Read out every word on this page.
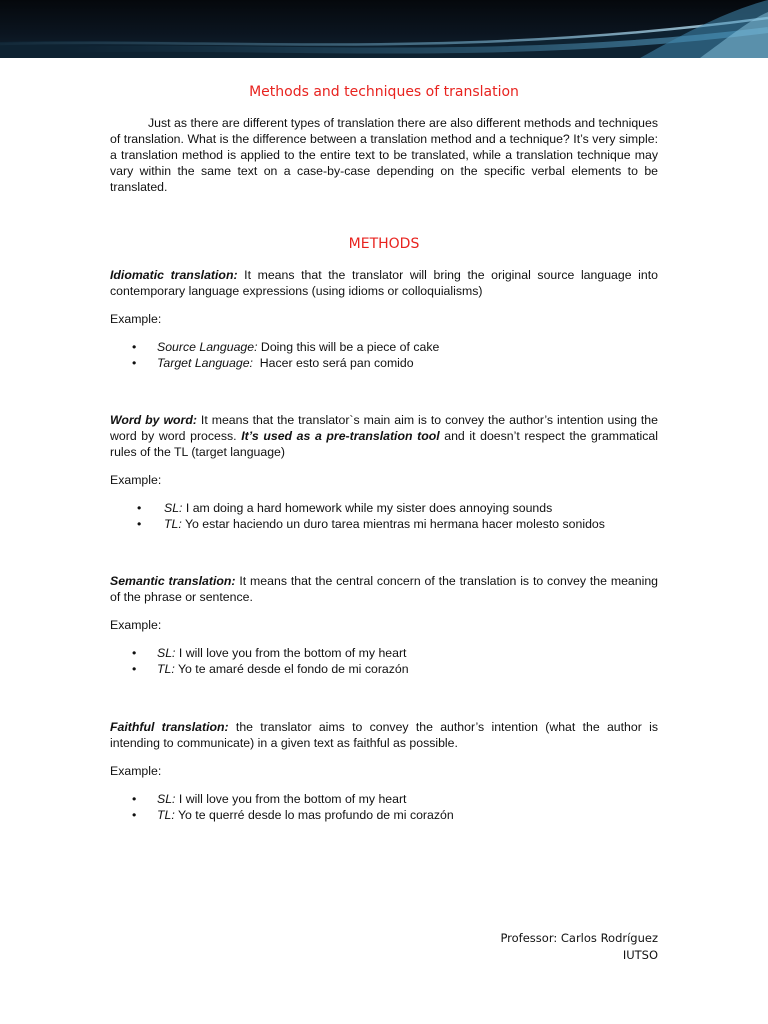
Methods and techniques of translation

Just as there are different types of translation there are also different methods and techniques of translation. What is the difference between a translation method and a technique? It’s very simple: a translation method is applied to the entire text to be translated, while a translation technique may vary within the same text on a case-by-case depending on the specific verbal elements to be translated.

METHODS

Idiomatic translation: It means that the translator will bring the original source language into contemporary language expressions (using idioms or colloquialisms)

Example:

• Source Language: Doing this will be a piece of cake
• Target Language:  Hacer esto será pan comido

Word by word: It means that the translator`s main aim is to convey the author’s intention using the word by word process. It’s used as a pre-translation tool and it doesn’t respect the grammatical rules of the TL (target language)

Example:

• SL: I am doing a hard homework while my sister does annoying sounds
• TL: Yo estar haciendo un duro tarea mientras mi hermana hacer molesto sonidos

Semantic translation: It means that the central concern of the translation is to convey the meaning of the phrase or sentence.

Example:

• SL: I will love you from the bottom of my heart
• TL: Yo te amaré desde el fondo de mi corazón

Faithful translation: the translator aims to convey the author’s intention (what the author is intending to communicate) in a given text as faithful as possible.

Example:

• SL: I will love you from the bottom of my heart
• TL: Yo te querré desde lo mas profundo de mi corazón
Professor: Carlos Rodríguez
IUTSO
